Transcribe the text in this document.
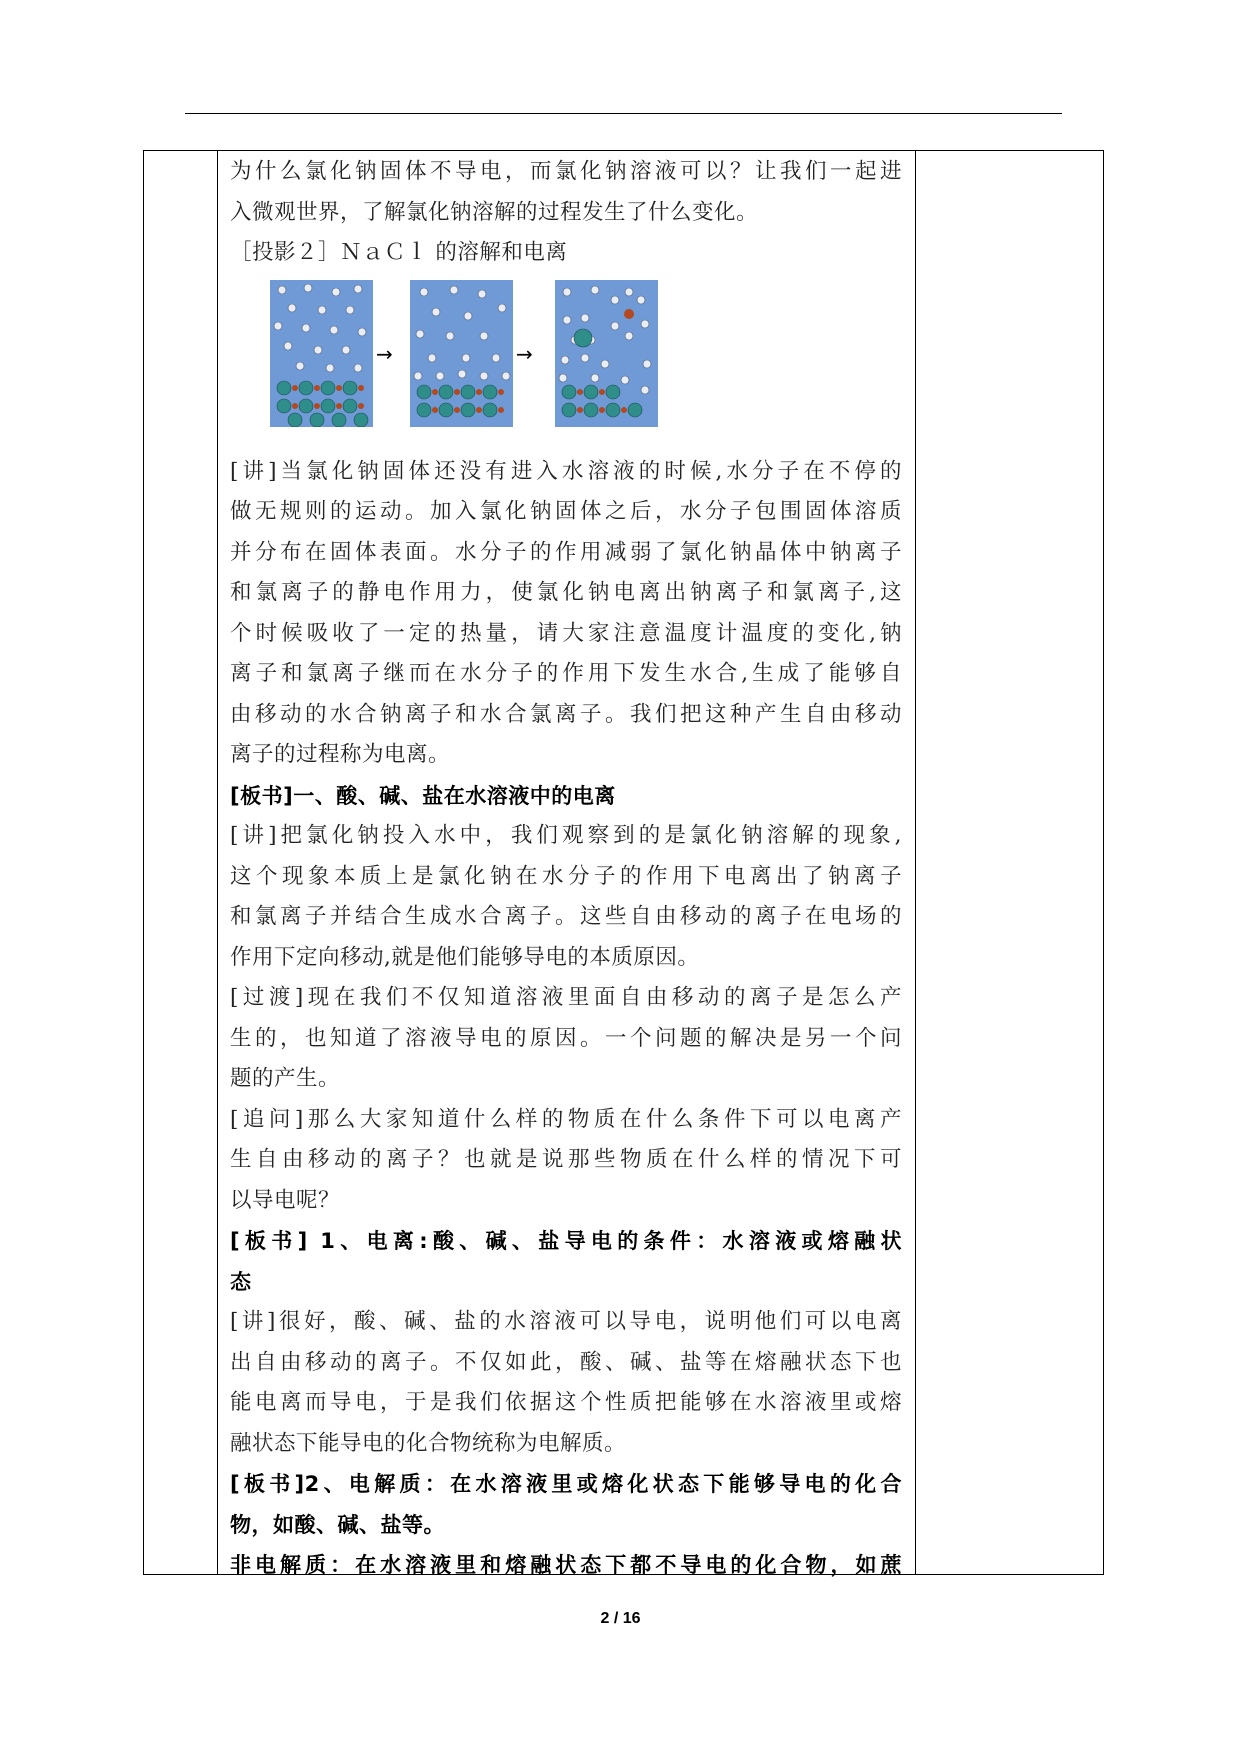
为什么氯化钠固体不导电，而氯化钠溶液可以？让我们一起进
入微观世界，了解氯化钠溶解的过程发生了什么变化。
［投影２］ＮａＣｌ 的溶解和电离
→	→
[讲]当氯化钠固体还没有进入水溶液的时候,水分子在不停的
做无规则的运动。加入氯化钠固体之后，水分子包围固体溶质
并分布在固体表面。水分子的作用减弱了氯化钠晶体中钠离子
和氯离子的静电作用力，使氯化钠电离出钠离子和氯离子,这
个时候吸收了一定的热量，请大家注意温度计温度的变化,钠
离子和氯离子继而在水分子的作用下发生水合,生成了能够自
由移动的水合钠离子和水合氯离子。我们把这种产生自由移动
离子的过程称为电离。
[板书]一、酸、碱、盐在水溶液中的电离
[讲]把氯化钠投入水中，我们观察到的是氯化钠溶解的现象,
这个现象本质上是氯化钠在水分子的作用下电离出了钠离子
和氯离子并结合生成水合离子。这些自由移动的离子在电场的
作用下定向移动,就是他们能够导电的本质原因。
[过渡]现在我们不仅知道溶液里面自由移动的离子是怎么产
生的，也知道了溶液导电的原因。一个问题的解决是另一个问
题的产生。
[追问]那么大家知道什么样的物质在什么条件下可以电离产
生自由移动的离子？也就是说那些物质在什么样的情况下可
以导电呢？
[板书] 1、电离:酸、碱、盐导电的条件：水溶液或熔融状
态
[讲]很好，酸、碱、盐的水溶液可以导电，说明他们可以电离
出自由移动的离子。不仅如此，酸、碱、盐等在熔融状态下也
能电离而导电，于是我们依据这个性质把能够在水溶液里或熔
融状态下能导电的化合物统称为电解质。
[板书]2、电解质：在水溶液里或熔化状态下能够导电的化合
物，如酸、碱、盐等。
非电解质：在水溶液里和熔融状态下都不导电的化合物，如蔗
2 / 16
